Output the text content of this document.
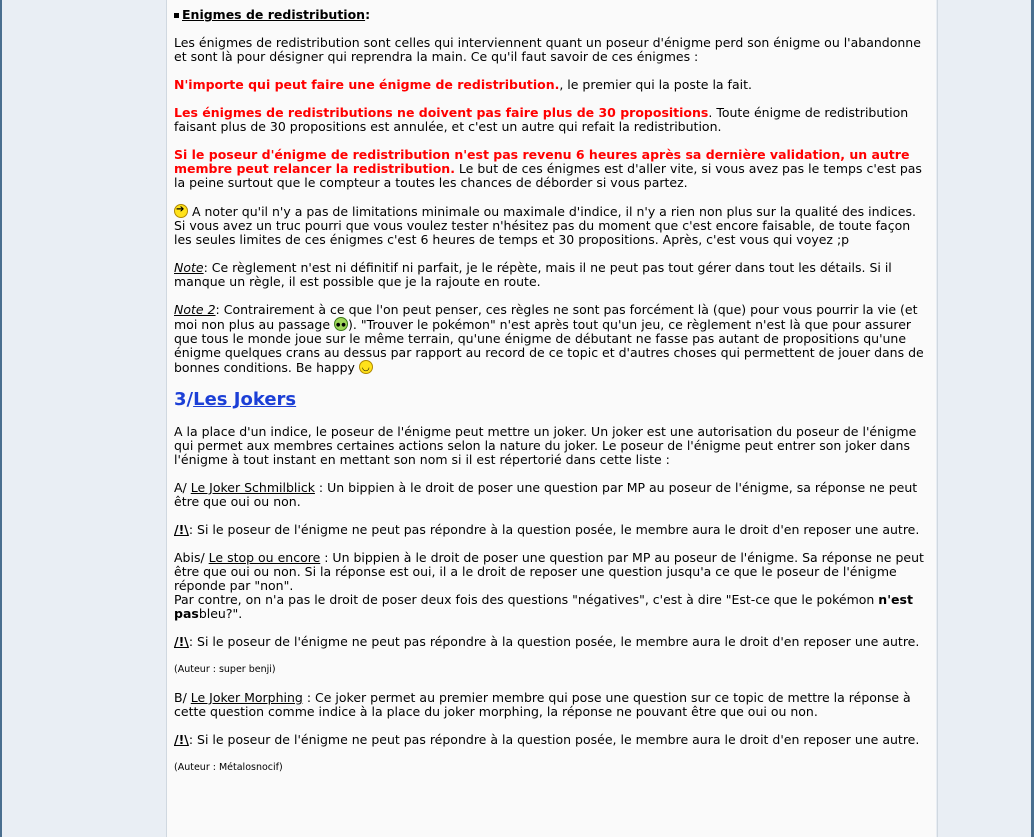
Enigmes de redistribution:

Les énigmes de redistribution sont celles qui interviennent quant un poseur d'énigme perd son énigme ou l'abandonne et sont là pour désigner qui reprendra la main. Ce qu'il faut savoir de ces énigmes :

N'importe qui peut faire une énigme de redistribution., le premier qui la poste la fait.

Les énigmes de redistributions ne doivent pas faire plus de 30 propositions. Toute énigme de redistribution faisant plus de 30 propositions est annulée, et c'est un autre qui refait la redistribution.

Si le poseur d'énigme de redistribution n'est pas revenu 6 heures après sa dernière validation, un autre membre peut relancer la redistribution. Le but de ces énigmes est d'aller vite, si vous avez pas le temps c'est pas la peine surtout que le compteur a toutes les chances de déborder si vous partez.

➔ A noter qu'il n'y a pas de limitations minimale ou maximale d'indice, il n'y a rien non plus sur la qualité des indices. Si vous avez un truc pourri que vous voulez tester n'hésitez pas du moment que c'est encore faisable, de toute façon les seules limites de ces énigmes c'est 6 heures de temps et 30 propositions. Après, c'est vous qui voyez ;p

Note: Ce règlement n'est ni définitif ni parfait, je le répète, mais il ne peut pas tout gérer dans tout les détails. Si il manque un règle, il est possible que je la rajoute en route.

Note 2: Contrairement à ce que l'on peut penser, ces règles ne sont pas forcément là (que) pour vous pourrir la vie (et moi non plus au passage ●●). "Trouver le pokémon" n'est après tout qu'un jeu, ce règlement n'est là que pour assurer que tous le monde joue sur le même terrain, qu'une énigme de débutant ne fasse pas autant de propositions qu'une énigme quelques crans au dessus par rapport au record de ce topic et d'autres choses qui permettent de jouer dans de bonnes conditions. Be happy ◡

3/Les Jokers

A la place d'un indice, le poseur de l'énigme peut mettre un joker. Un joker est une autorisation du poseur de l'énigme qui permet aux membres certaines actions selon la nature du joker. Le poseur de l'énigme peut entrer son joker dans l'énigme à tout instant en mettant son nom si il est répertorié dans cette liste :

A/ Le Joker Schmilblick : Un bippien à le droit de poser une question par MP au poseur de l'énigme, sa réponse ne peut être que oui ou non.

/!\: Si le poseur de l'énigme ne peut pas répondre à la question posée, le membre aura le droit d'en reposer une autre.

Abis/ Le stop ou encore : Un bippien à le droit de poser une question par MP au poseur de l'énigme. Sa réponse ne peut être que oui ou non. Si la réponse est oui, il a le droit de reposer une question jusqu'a ce que le poseur de l'énigme réponde par "non".
Par contre, on n'a pas le droit de poser deux fois des questions "négatives", c'est à dire "Est-ce que le pokémon n'est pasbleu?".

/!\: Si le poseur de l'énigme ne peut pas répondre à la question posée, le membre aura le droit d'en reposer une autre.

(Auteur : super benji)

B/ Le Joker Morphing : Ce joker permet au premier membre qui pose une question sur ce topic de mettre la réponse à cette question comme indice à la place du joker morphing, la réponse ne pouvant être que oui ou non.

/!\: Si le poseur de l'énigme ne peut pas répondre à la question posée, le membre aura le droit d'en reposer une autre.

(Auteur : Métalosnocif)
